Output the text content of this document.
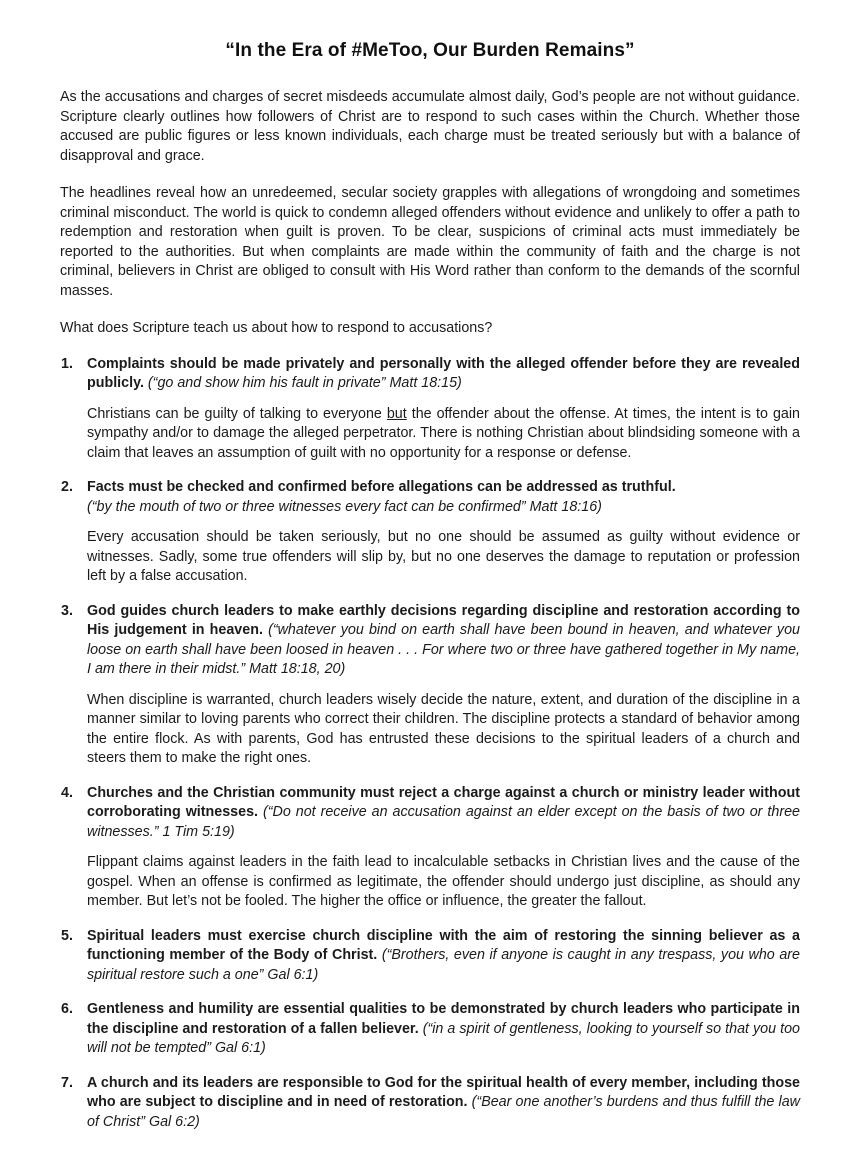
“In the Era of #MeToo, Our Burden Remains”

As the accusations and charges of secret misdeeds accumulate almost daily, God’s people are not without guidance. Scripture clearly outlines how followers of Christ are to respond to such cases within the Church. Whether those accused are public figures or less known individuals, each charge must be treated seriously but with a balance of disapproval and grace.

The headlines reveal how an unredeemed, secular society grapples with allegations of wrongdoing and sometimes criminal misconduct. The world is quick to condemn alleged offenders without evidence and unlikely to offer a path to redemption and restoration when guilt is proven. To be clear, suspicions of criminal acts must immediately be reported to the authorities. But when complaints are made within the community of faith and the charge is not criminal, believers in Christ are obliged to consult with His Word rather than conform to the demands of the scornful masses.

What does Scripture teach us about how to respond to accusations?

1. Complaints should be made privately and personally with the alleged offender before they are revealed publicly. (“go and show him his fault in private” Matt 18:15)

Christians can be guilty of talking to everyone but the offender about the offense. At times, the intent is to gain sympathy and/or to damage the alleged perpetrator. There is nothing Christian about blindsiding someone with a claim that leaves an assumption of guilt with no opportunity for a response or defense.

2. Facts must be checked and confirmed before allegations can be addressed as truthful.
(“by the mouth of two or three witnesses every fact can be confirmed” Matt 18:16)

Every accusation should be taken seriously, but no one should be assumed as guilty without evidence or witnesses. Sadly, some true offenders will slip by, but no one deserves the damage to reputation or profession left by a false accusation.

3. God guides church leaders to make earthly decisions regarding discipline and restoration according to His judgement in heaven. (“whatever you bind on earth shall have been bound in heaven, and whatever you loose on earth shall have been loosed in heaven . . . For where two or three have gathered together in My name, I am there in their midst.” Matt 18:18, 20)

When discipline is warranted, church leaders wisely decide the nature, extent, and duration of the discipline in a manner similar to loving parents who correct their children. The discipline protects a standard of behavior among the entire flock. As with parents, God has entrusted these decisions to the spiritual leaders of a church and steers them to make the right ones.

4. Churches and the Christian community must reject a charge against a church or ministry leader without corroborating witnesses. (“Do not receive an accusation against an elder except on the basis of two or three witnesses.” 1 Tim 5:19)

Flippant claims against leaders in the faith lead to incalculable setbacks in Christian lives and the cause of the gospel. When an offense is confirmed as legitimate, the offender should undergo just discipline, as should any member. But let’s not be fooled. The higher the office or influence, the greater the fallout.

5. Spiritual leaders must exercise church discipline with the aim of restoring the sinning believer as a functioning member of the Body of Christ. (“Brothers, even if anyone is caught in any trespass, you who are spiritual restore such a one” Gal 6:1)

6. Gentleness and humility are essential qualities to be demonstrated by church leaders who participate in the discipline and restoration of a fallen believer. (“in a spirit of gentleness, looking to yourself so that you too will not be tempted” Gal 6:1)

7. A church and its leaders are responsible to God for the spiritual health of every member, including those who are subject to discipline and in need of restoration. (“Bear one another’s burdens and thus fulfill the law of Christ” Gal 6:2)
